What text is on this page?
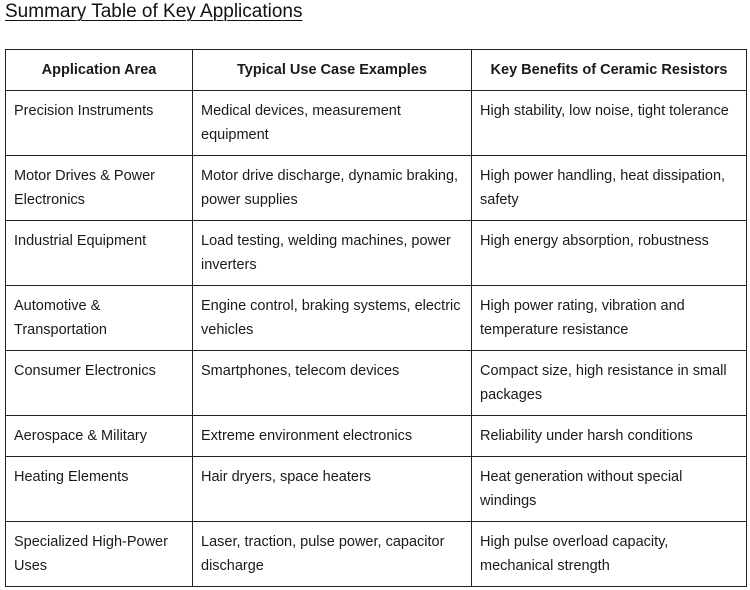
Summary Table of Key Applications
Application Area	Typical Use Case Examples	Key Benefits of Ceramic Resistors
Precision Instruments	Medical devices, measurement equipment	High stability, low noise, tight tolerance
Motor Drives & Power Electronics	Motor drive discharge, dynamic braking, power supplies	High power handling, heat dissipation, safety
Industrial Equipment	Load testing, welding machines, power inverters	High energy absorption, robustness
Automotive & Transportation	Engine control, braking systems, electric vehicles	High power rating, vibration and temperature resistance
Consumer Electronics	Smartphones, telecom devices	Compact size, high resistance in small packages
Aerospace & Military	Extreme environment electronics	Reliability under harsh conditions
Heating Elements	Hair dryers, space heaters	Heat generation without special windings
Specialized High-Power Uses	Laser, traction, pulse power, capacitor discharge	High pulse overload capacity, mechanical strength
